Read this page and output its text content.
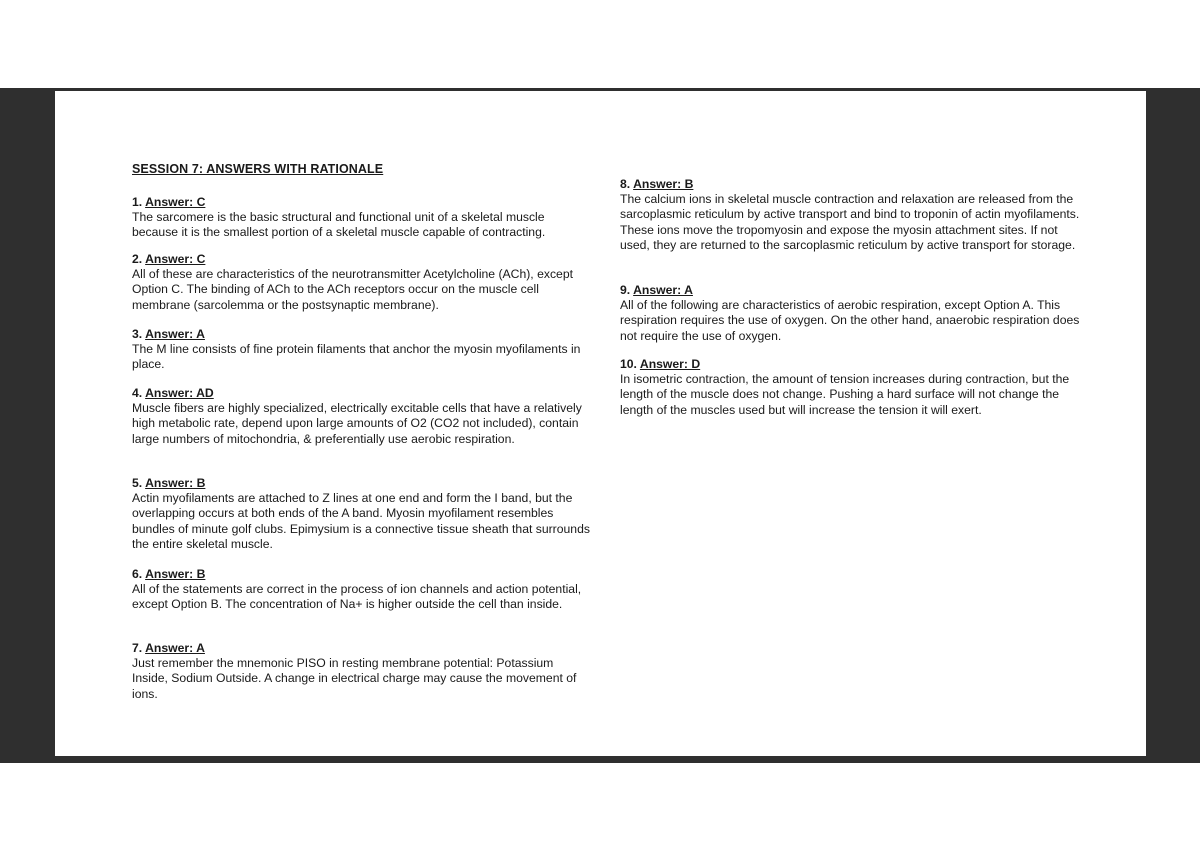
SESSION 7: ANSWERS WITH RATIONALE
1. Answer: C

The sarcomere is the basic structural and functional unit of a skeletal muscle because it is the smallest portion of a skeletal muscle capable of contracting.

2. Answer: C

All of these are characteristics of the neurotransmitter Acetylcholine (ACh), except Option C. The binding of ACh to the ACh receptors occur on the muscle cell membrane (sarcolemma or the postsynaptic membrane).

3. Answer: A

The M line consists of fine protein filaments that anchor the myosin myofilaments in place.

4. Answer: AD

Muscle fibers are highly specialized, electrically excitable cells that have a relatively high metabolic rate, depend upon large amounts of O2 (CO2 not included), contain large numbers of mitochondria, & preferentially use aerobic respiration.

5. Answer: B

Actin myofilaments are attached to Z lines at one end and form the I band, but the overlapping occurs at both ends of the A band. Myosin myofilament resembles bundles of minute golf clubs. Epimysium is a connective tissue sheath that surrounds the entire skeletal muscle.

6. Answer: B

All of the statements are correct in the process of ion channels and action potential, except Option B. The concentration of Na+ is higher outside the cell than inside.

7. Answer: A

Just remember the mnemonic PISO in resting membrane potential: Potassium Inside, Sodium Outside. A change in electrical charge may cause the movement of ions.

8. Answer: B

The calcium ions in skeletal muscle contraction and relaxation are released from the sarcoplasmic reticulum by active transport and bind to troponin of actin myofilaments. These ions move the tropomyosin and expose the myosin attachment sites. If not used, they are returned to the sarcoplasmic reticulum by active transport for storage.

9. Answer: A

All of the following are characteristics of aerobic respiration, except Option A. This respiration requires the use of oxygen. On the other hand, anaerobic respiration does not require the use of oxygen.

10. Answer: D

In isometric contraction, the amount of tension increases during contraction, but the length of the muscle does not change. Pushing a hard surface will not change the length of the muscles used but will increase the tension it will exert.
